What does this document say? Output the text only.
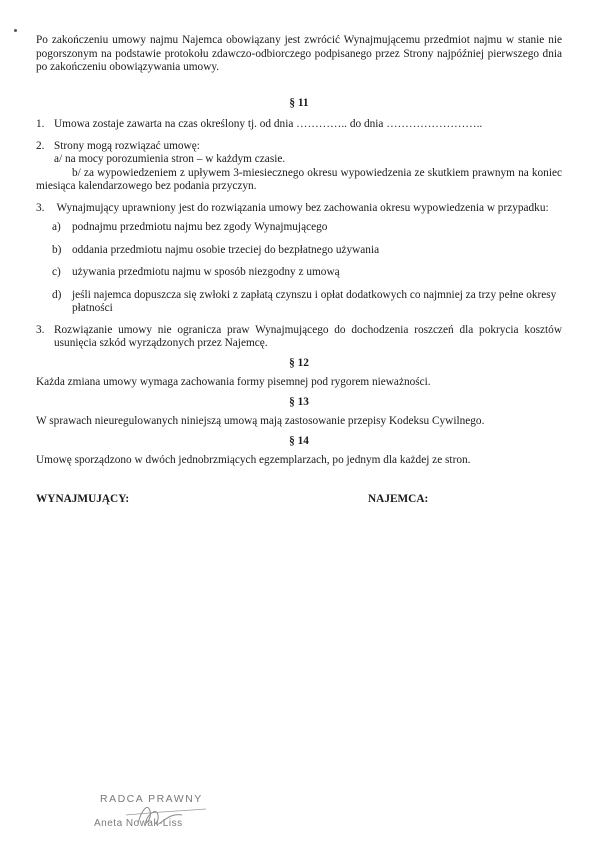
Po zakończeniu umowy najmu Najemca obowiązany jest zwrócić Wynajmującemu przedmiot najmu w stanie nie pogorszonym na podstawie protokołu zdawczo-odbiorczego podpisanego przez Strony najpóźniej pierwszego dnia po zakończeniu obowiązywania umowy.

§ 11

1. Umowa zostaje zawarta na czas określony tj. od dnia ………….. do dnia ……………………..
2. Strony mogą rozwiązać umowę:

a/ na mocy porozumienia stron – w każdym czasie.

b/ za wypowiedzeniem z upływem 3-miesiecznego okresu wypowiedzenia ze skutkiem prawnym na koniec miesiąca kalendarzowego bez podania przyczyn.

3. Wynajmujący uprawniony jest do rozwiązania umowy bez zachowania okresu wypowiedzenia w przypadku:

a) podnajmu przedmiotu najmu bez zgody Wynajmującego
b) oddania przedmiotu najmu osobie trzeciej do bezpłatnego używania
c) używania przedmiotu najmu w sposób niezgodny z umową
d) jeśli najemca dopuszcza się zwłoki z zapłatą czynszu i opłat dodatkowych co najmniej za trzy pełne okresy płatności
3. Rozwiązanie umowy nie ogranicza praw Wynajmującego do dochodzenia roszczeń dla pokrycia kosztów usunięcia szkód wyrządzonych przez Najemcę.

§ 12

Każda zmiana umowy wymaga zachowania formy pisemnej pod rygorem nieważności.

§ 13

W sprawach nieuregulowanych niniejszą umową mają zastosowanie przepisy Kodeksu Cywilnego.

§ 14

Umowę sporządzono w dwóch jednobrzmiących egzemplarzach, po jednym dla każdej ze stron.

WYNAJMUJĄCY:	NAJEMCA:
RADCA PRAWNY
Aneta Nowak-Liss
